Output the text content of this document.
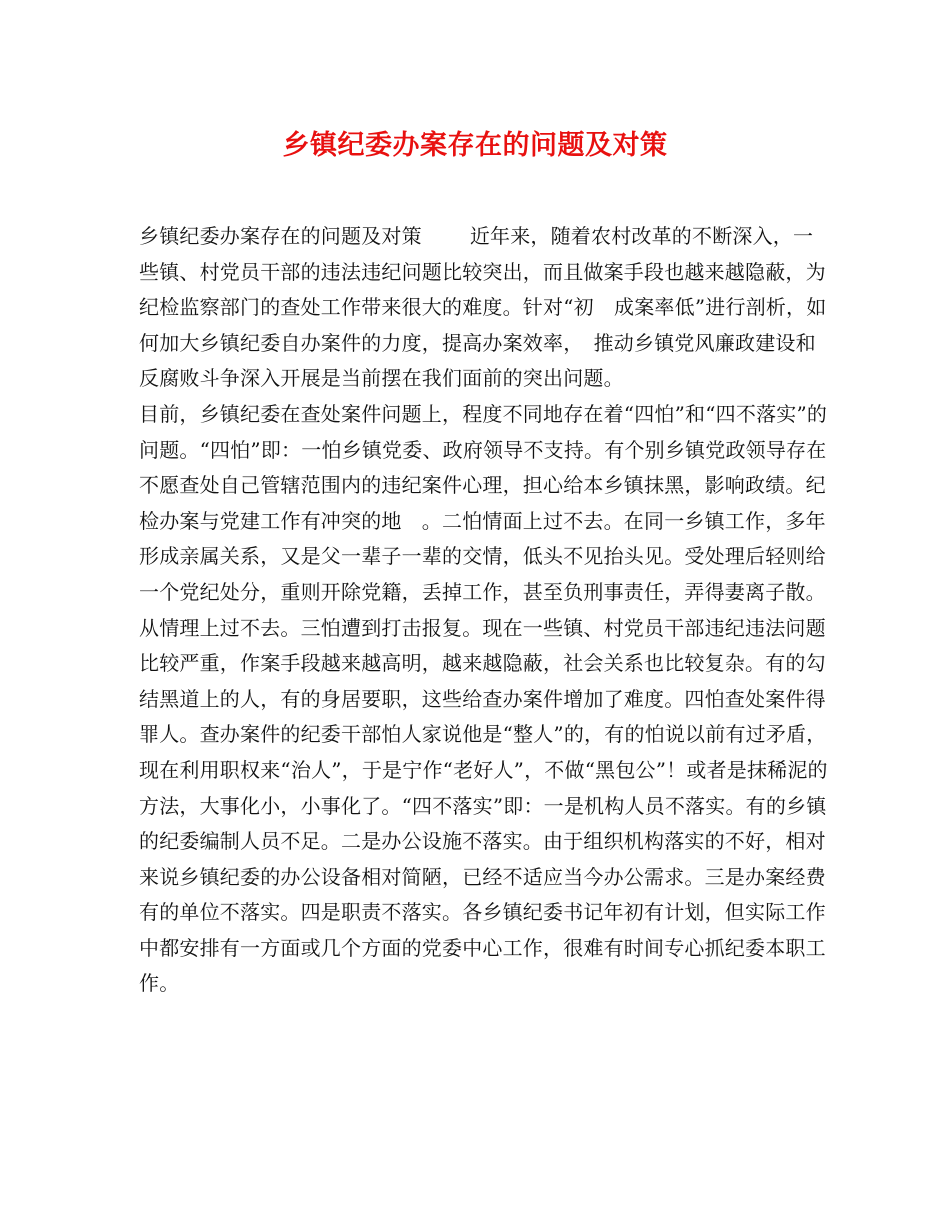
乡镇纪委办案存在的问题及对策

乡镇纪委办案存在的问题及对策 近年来，随着农村改革的不断深入，一些镇、村党员干部的违法违纪问题比较突出，而且做案手段也越来越隐蔽，为纪检监察部门的查处工作带来很大的难度。针对“初　成案率低”进行剖析，如何加大乡镇纪委自办案件的力度，提高办案效率，　推动乡镇党风廉政建设和反腐败斗争深入开展是当前摆在我们面前的突出问题。

目前，乡镇纪委在查处案件问题上，程度不同地存在着“四怕”和“四不落实”的问题。“四怕”即：一怕乡镇党委、政府领导不支持。有个别乡镇党政领导存在不愿查处自己管辖范围内的违纪案件心理，担心给本乡镇抹黑，影响政绩。纪检办案与党建工作有冲突的地　。二怕情面上过不去。在同一乡镇工作，多年形成亲属关系，又是父一辈子一辈的交情，低头不见抬头见。受处理后轻则给一个党纪处分，重则开除党籍，丢掉工作，甚至负刑事责任，弄得妻离子散。从情理上过不去。三怕遭到打击报复。现在一些镇、村党员干部违纪违法问题比较严重，作案手段越来越高明，越来越隐蔽，社会关系也比较复杂。有的勾结黑道上的人，有的身居要职，这些给查办案件增加了难度。四怕查处案件得罪人。查办案件的纪委干部怕人家说他是“整人”的，有的怕说以前有过矛盾，现在利用职权来“治人”，于是宁作“老好人”，不做“黑包公”！或者是抹稀泥的方法，大事化小，小事化了。“四不落实”即：一是机构人员不落实。有的乡镇的纪委编制人员不足。二是办公设施不落实。由于组织机构落实的不好，相对来说乡镇纪委的办公设备相对简陋，已经不适应当今办公需求。三是办案经费有的单位不落实。四是职责不落实。各乡镇纪委书记年初有计划，但实际工作中都安排有一方面或几个方面的党委中心工作，很难有时间专心抓纪委本职工作。
